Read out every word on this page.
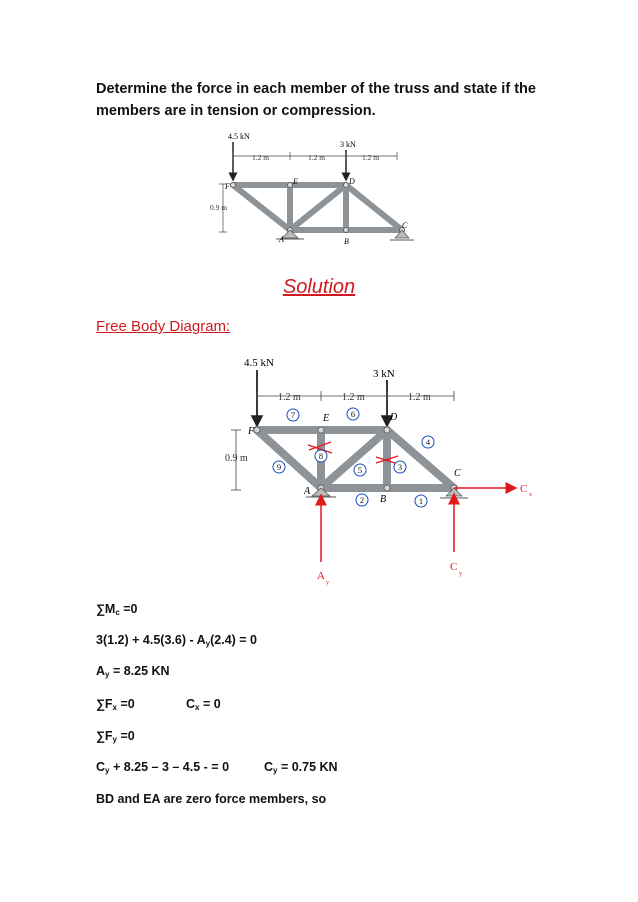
Determine the force in each member of the truss and state if the members are in tension or compression.
4.5 kN
3 kN
1.2 m	1.2 m	1.2 m
0.9 m
F
E	D
A	B
C
Solution
Free Body Diagram:
4.5 kN
3 kN
1.2 m	1.2 m	1.2 m
0.9 m
F
E	D
A
B
C
7	6
4
9
8
5	3
2	1
C x
C
y
A
y
$\sum M_c =0$
$3(1.2) + 4.5(3.6) - A_y(2.4) = 0$
$A_y = 8.25$ KN
$\sum F_x =0$	$C_x = 0$
$\sum F_y =0$
$C_y + 8.25 - 3 - 4.5$ - = 0	$C_y = 0.75$ KN
BD and EA are zero force members, so
